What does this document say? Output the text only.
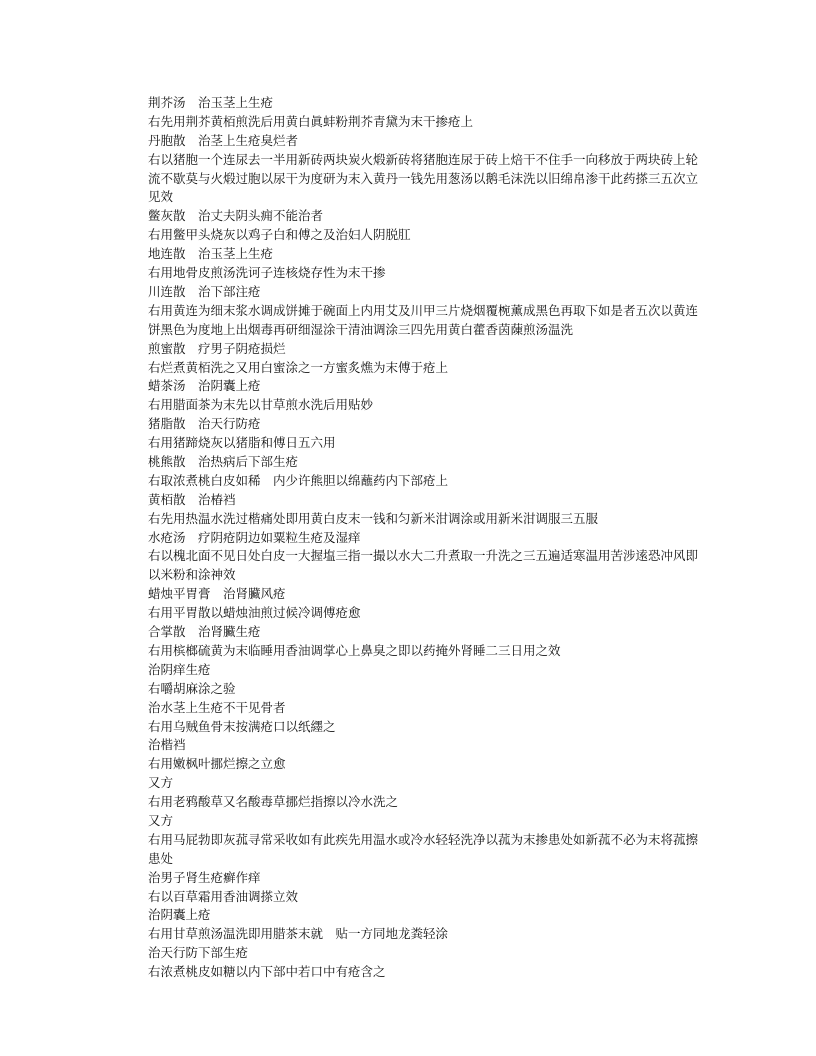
荆芥汤　治玉茎上生疮
右先用荆芥黄栢煎洗后用黄白眞蚌粉荆芥青黛为末干掺疮上
丹胞散　治茎上生疮臭烂者
右以猪胞一个连尿去一半用新砖两块炭火煅新砖将猪胞连尿于砖上焙干不住手一向移放于两块砖上轮流不歇莫与火煅过胞以尿干为度研为末入黄丹一钱先用葱汤以鹅毛沫洗以旧绵帛渗干此药搽三五次立见效
鳖灰散　治丈夫阴头痈不能治者
右用鳖甲头烧灰以鸡子白和傅之及治妇人阴脱肛
地连散　治玉茎上生疮
右用地骨皮煎汤洗诃子连核烧存性为末干掺
川连散　治下部注疮
右用黄连为细末浆水调成饼摊于碗面上内用艾及川甲三片烧烟覆椀薰成黑色再取下如是者五次以黄连饼黑色为度地上出烟毒再研细湿涂干清油调涂三四先用黄白藿香茵蔯煎汤温洗
煎蜜散　疗男子阴疮损烂
右烂煮黄栢洗之又用白蜜涂之一方蜜炙燋为末傅于疮上
蜡茶汤　治阴囊上疮
右用腊面茶为末先以甘草煎水洗后用贴妙
猪脂散　治天行防疮
右用猪蹄烧灰以猪脂和傅日五六用
桃熊散　治热病后下部生疮
右取浓煮桃白皮如稀　内少许熊胆以绵蘸药内下部疮上
黄栢散　治椿裆
右先用热温水洗过楷痛处即用黄白皮末一钱和匀新米泔调涂或用新米泔调服三五服
水疮汤　疗阴疮阴边如粟粒生疮及湿痒
右以槐北面不见日处白皮一大握塩三指一撮以水大二升煮取一升洗之三五遍适寒温用苦涉逺恐冲风即以米粉和涂神效
蜡烛平胃膏　治肾臟风疮
右用平胃散以蜡烛油煎过候冷调傅疮愈
合掌散　治肾臟生疮
右用槟榔硫黄为末临睡用香油调掌心上鼻臭之即以药掩外肾睡二三日用之效
治阴痒生疮
右嚼胡麻涂之验
治水茎上生疮不干见骨者
右用乌贼鱼骨末按满疮口以纸纆之
治楷裆
右用嫩枫叶挪烂擦之立愈
又方
右用老鸦酸草又名酸毒草挪烂指擦以冷水洗之
又方
右用马屁勃即灰菰寻常采收如有此疾先用温水或冷水轻轻洗净以菰为末掺患处如新菰不必为末将菰擦患处
治男子肾生疮癣作痒
右以百草霜用香油调搽立效
治阴囊上疮
右用甘草煎汤温洗即用腊茶末就　贴一方同地龙粪轻涂
治天行防下部生疮
右浓煮桃皮如糖以内下部中若口中有疮含之
